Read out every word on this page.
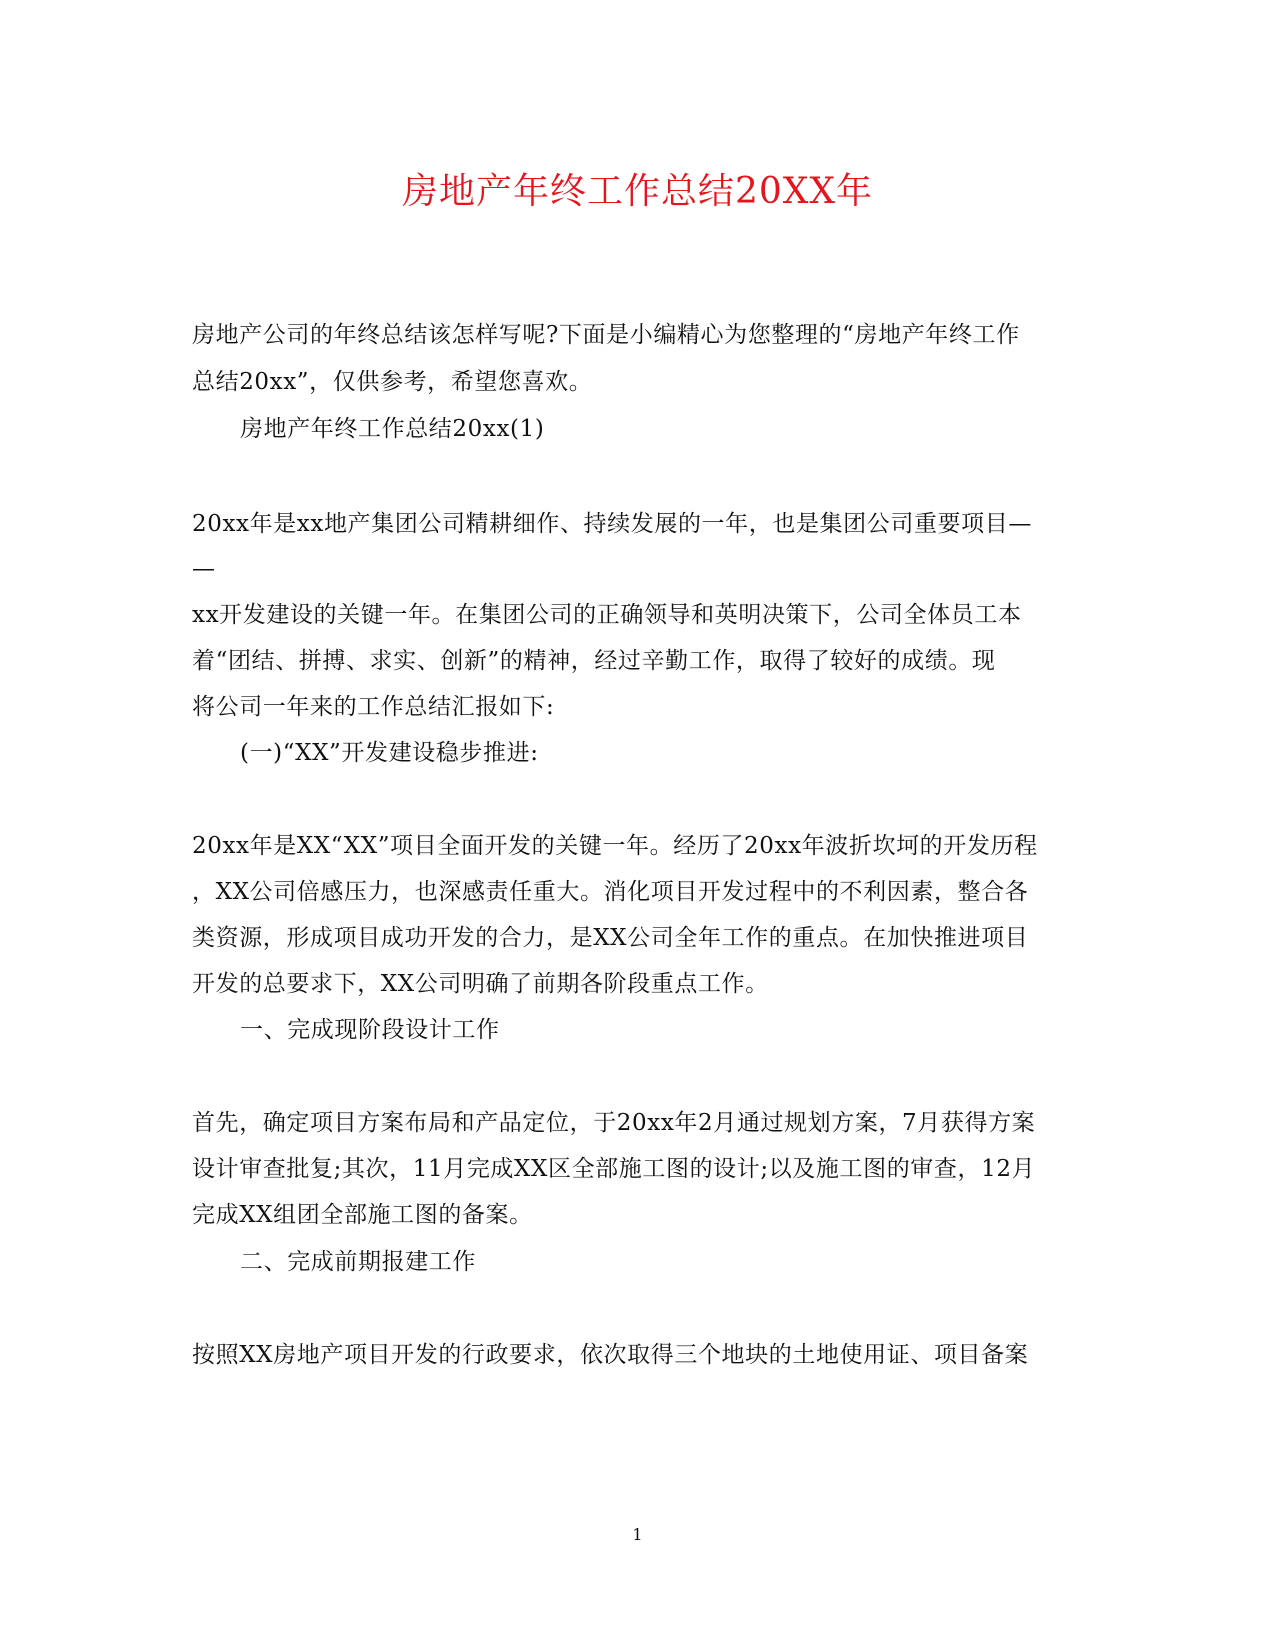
房地产年终工作总结20XX年
房地产公司的年终总结该怎样写呢?下面是小编精心为您整理的“房地产年终工作
总结20xx”，仅供参考，希望您喜欢。
房地产年终工作总结20xx(1)
20xx年是xx地产集团公司精耕细作、持续发展的一年，也是集团公司重要项目—
—
xx开发建设的关键一年。在集团公司的正确领导和英明决策下，公司全体员工本
着“团结、拼搏、求实、创新”的精神，经过辛勤工作，取得了较好的成绩。现
将公司一年来的工作总结汇报如下:
(一)“XX”开发建设稳步推进:
20xx年是XX“XX”项目全面开发的关键一年。经历了20xx年波折坎坷的开发历程
，XX公司倍感压力，也深感责任重大。消化项目开发过程中的不利因素，整合各
类资源，形成项目成功开发的合力，是XX公司全年工作的重点。在加快推进项目
开发的总要求下，XX公司明确了前期各阶段重点工作。
一、完成现阶段设计工作
首先，确定项目方案布局和产品定位，于20xx年2月通过规划方案，7月获得方案
设计审查批复;其次，11月完成XX区全部施工图的设计;以及施工图的审查，12月
完成XX组团全部施工图的备案。
二、完成前期报建工作
按照XX房地产项目开发的行政要求，依次取得三个地块的土地使用证、项目备案
1
